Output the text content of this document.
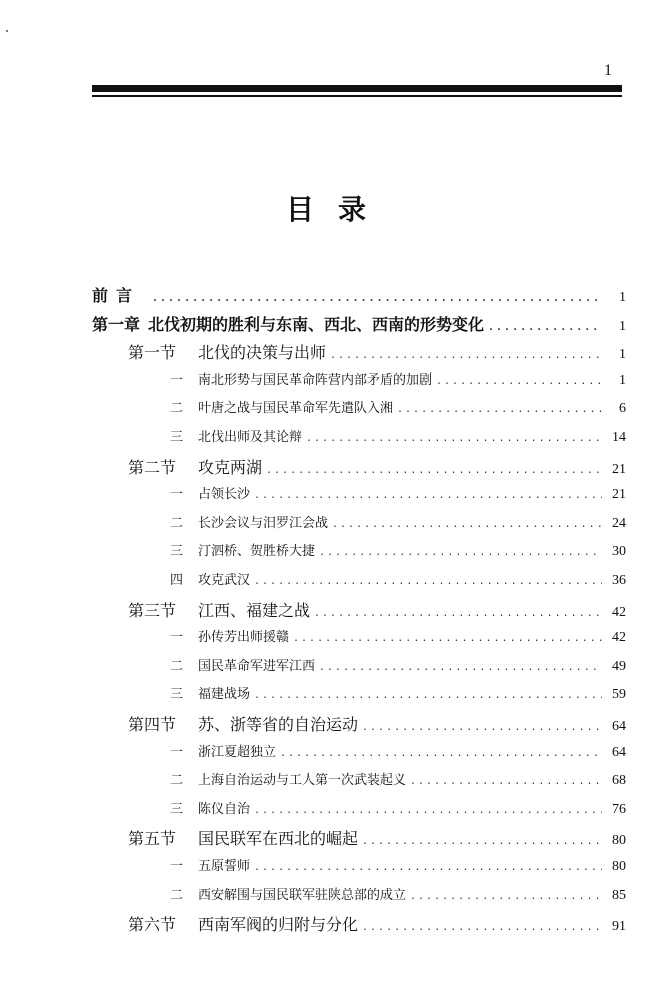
1
目录
前言 .....	1
第一章 北伐初期的胜利与东南、西北、西南的形势变化 .....	1
第一节	北伐的决策与出师 .....	1
一	南北形势与国民革命阵营内部矛盾的加剧 .....	1
二	叶唐之战与国民革命军先遣队入湘 .....	6
三	北伐出师及其论辩 .....	14
第二节	攻克两湖 .....	21
一	占领长沙 .....	21
二	长沙会议与汨罗江会战 .....	24
三	汀泗桥、贺胜桥大捷 .....	30
四	攻克武汉 .....	36
第三节	江西、福建之战 .....	42
一	孙传芳出师援赣 .....	42
二	国民革命军进军江西 .....	49
三	福建战场 .....	59
第四节	苏、浙等省的自治运动 .....	64
一	浙江夏超独立 .....	64
二	上海自治运动与工人第一次武装起义 .....	68
三	陈仪自治 .....	76
第五节	国民联军在西北的崛起 .....	80
一	五原誓师 .....	80
二	西安解围与国民联军驻陕总部的成立 .....	85
第六节	西南军阀的归附与分化 .....	91
